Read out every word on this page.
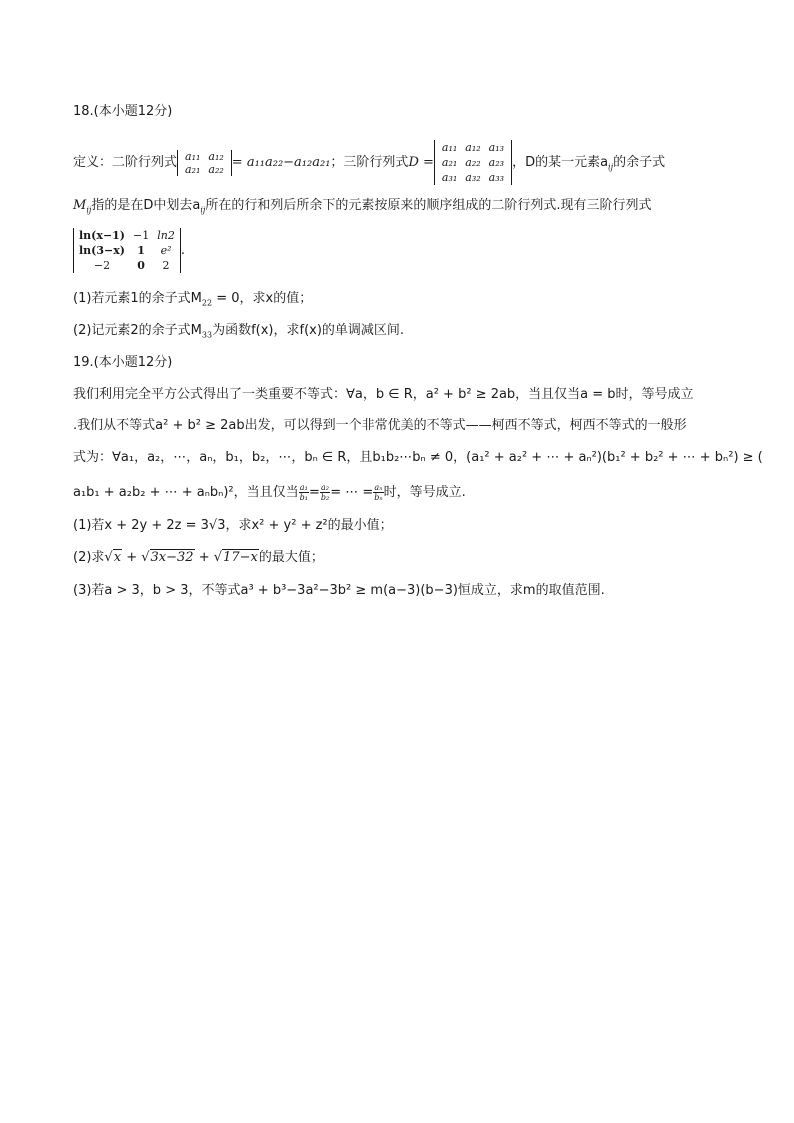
18.(本小题12分)
定义：二阶行列式 a₁₁	a₁₂
a₂₁	a₂₂ = a₁₁a₂₂−a₁₂a₂₁；三阶行列式D =
a₁₁	a₁₂	a₁₃
a₂₁	a₂₂	a₂₃
a₃₁	a₃₂	a₃₃
，D的某一元素$a_{ij}$的余子式
$M_{ij}$指的是在D中划去$a_{ij}$所在的行和列后所余下的元素按原来的顺序组成的二阶行列式.现有三阶行列式
ln(x−1)	−1	ln2
ln(3−x)	1	e²
−2	0	2
.
(1)若元素1的余子式$M_{22} = 0$，求x的值；
(2)记元素2的余子式$M_{33}$为函数f(x)，求f(x)的单调减区间.
19.(本小题12分)
我们利用完全平方公式得出了一类重要不等式：∀a，b ∈ R，a² + b² ≥ 2ab，当且仅当a = b时，等号成立
.我们从不等式a² + b² ≥ 2ab出发，可以得到一个非常优美的不等式——柯西不等式，柯西不等式的一般形
式为：∀a₁，a₂，⋯，aₙ，b₁，b₂，⋯，bₙ ∈ R，且b₁b₂⋯bₙ ≠ 0，(a₁² + a₂² + ⋯ + aₙ²)(b₁² + b₂² + ⋯ + bₙ²) ≥ (
a₁b₁ + a₂b₂ + ⋯ + aₙbₙ)²，当且仅当 $\frac{\text{a₁}}{\text{b₁}} = \frac{\text{a₂}}{\text{b₂}}$ = ⋯ = $\frac{\text{aₙ}}{\text{bₙ}}$ 时，等号成立.
(1)若x + 2y + 2z = 3√3，求x² + y² + z²的最小值；
(2)求√x + √3x−32 + √17−x的最大值；
(3)若a > 3，b > 3，不等式a³ + b³−3a²−3b² ≥ m(a−3)(b−3)恒成立，求m的取值范围.
